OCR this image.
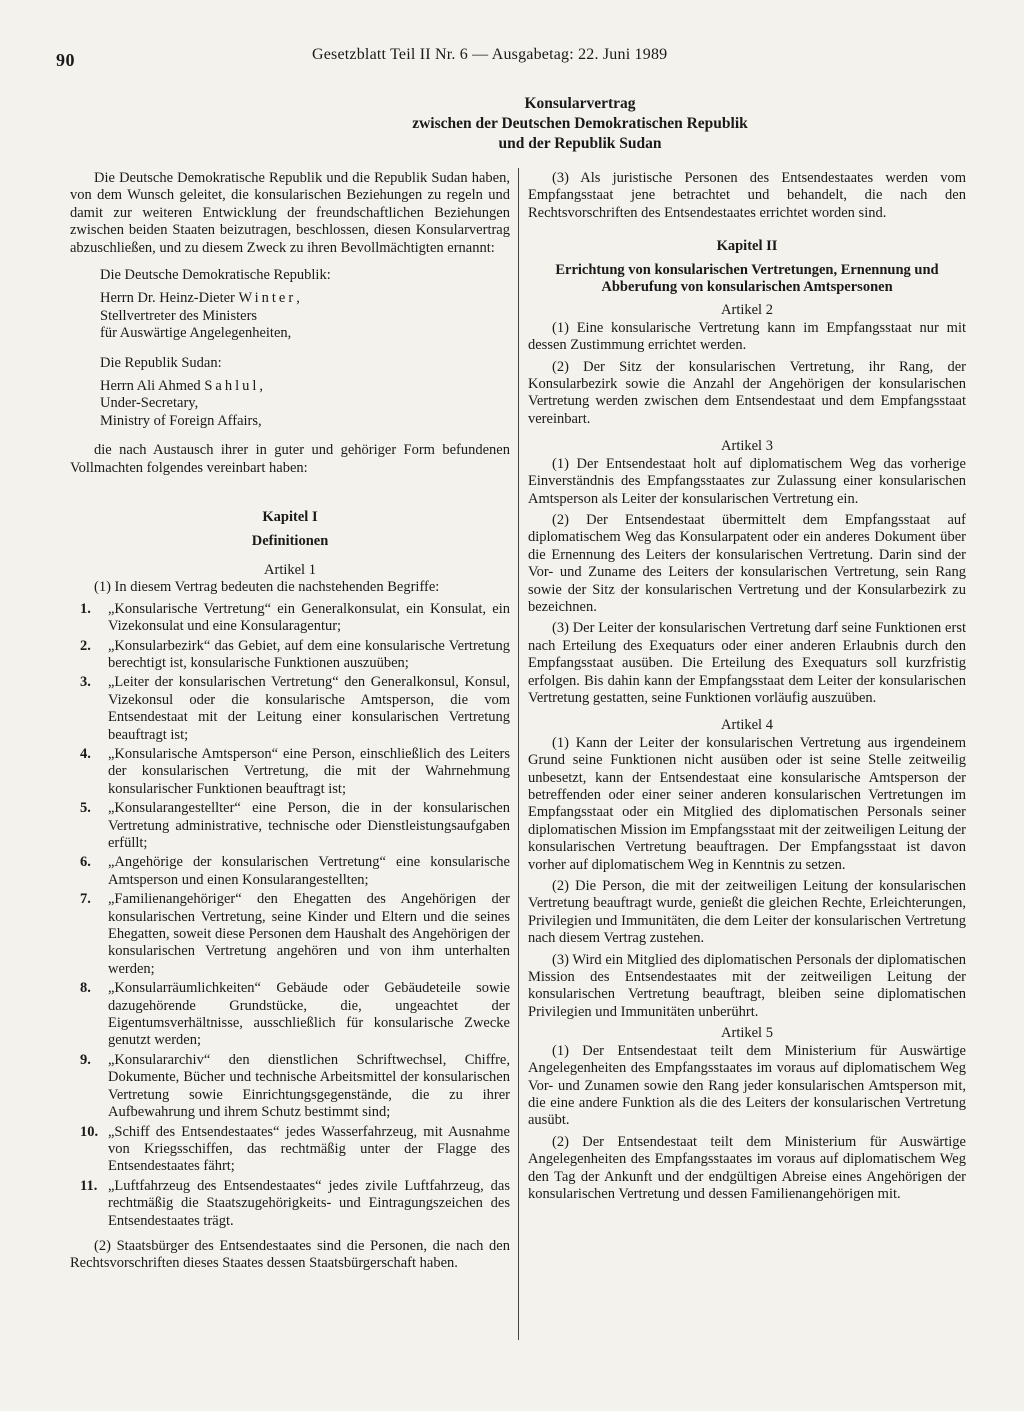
90	Gesetzblatt Teil II Nr. 6 — Ausgabetag: 22. Juni 1989
Konsularvertrag
zwischen der Deutschen Demokratischen Republik
und der Republik Sudan

Die Deutsche Demokratische Republik und die Republik Sudan haben, von dem Wunsch geleitet, die konsularischen Beziehungen zu regeln und damit zur weiteren Entwicklung der freundschaftlichen Beziehungen zwischen beiden Staaten beizutragen, beschlossen, diesen Konsularvertrag abzuschließen, und zu diesem Zweck zu ihren Bevollmächtigten ernannt:

Die Deutsche Demokratische Republik:

Herrn Dr. Heinz-Dieter Winter,

Stellvertreter des Ministers

für Auswärtige Angelegenheiten,

Die Republik Sudan:

Herrn Ali Ahmed Sahlul,

Under-Secretary,

Ministry of Foreign Affairs,

die nach Austausch ihrer in guter und gehöriger Form befundenen Vollmachten folgendes vereinbart haben:

Kapitel I

Definitionen

Artikel 1

(1) In diesem Vertrag bedeuten die nachstehenden Begriffe:

1.	„Konsularische Vertretung“ ein Generalkonsulat, ein Konsulat, ein Vizekonsulat und eine Konsularagentur;
2.	„Konsularbezirk“ das Gebiet, auf dem eine konsularische Vertretung berechtigt ist, konsularische Funktionen auszuüben;
3.	„Leiter der konsularischen Vertretung“ den Generalkonsul, Konsul, Vizekonsul oder die konsularische Amtsperson, die vom Entsendestaat mit der Leitung einer konsularischen Vertretung beauftragt ist;
4.	„Konsularische Amtsperson“ eine Person, einschließlich des Leiters der konsularischen Vertretung, die mit der Wahrnehmung konsularischer Funktionen beauftragt ist;
5.	„Konsularangestellter“ eine Person, die in der konsularischen Vertretung administrative, technische oder Dienstleistungsaufgaben erfüllt;
6.	„Angehörige der konsularischen Vertretung“ eine konsularische Amtsperson und einen Konsularangestellten;
7.	„Familienangehöriger“ den Ehegatten des Angehörigen der konsularischen Vertretung, seine Kinder und Eltern und die seines Ehegatten, soweit diese Personen dem Haushalt des Angehörigen der konsularischen Vertretung angehören und von ihm unterhalten werden;
8.	„Konsularräumlichkeiten“ Gebäude oder Gebäudeteile sowie dazugehörende Grundstücke, die, ungeachtet der Eigentumsverhältnisse, ausschließlich für konsularische Zwecke genutzt werden;
9.	„Konsulararchiv“ den dienstlichen Schriftwechsel, Chiffre, Dokumente, Bücher und technische Arbeitsmittel der konsularischen Vertretung sowie Einrichtungsgegenstände, die zu ihrer Aufbewahrung und ihrem Schutz bestimmt sind;
10. „Schiff des Entsendestaates“ jedes Wasserfahrzeug, mit Ausnahme von Kriegsschiffen, das rechtmäßig unter der Flagge des Entsendestaates fährt;
11. „Luftfahrzeug des Entsendestaates“ jedes zivile Luftfahrzeug, das rechtmäßig die Staatszugehörigkeits- und Eintragungszeichen des Entsendestaates trägt.

(2) Staatsbürger des Entsendestaates sind die Personen, die nach den Rechtsvorschriften dieses Staates dessen Staatsbürgerschaft haben.

(3) Als juristische Personen des Entsendestaates werden vom Empfangsstaat jene betrachtet und behandelt, die nach den Rechtsvorschriften des Entsendestaates errichtet worden sind.

Kapitel II

Errichtung von konsularischen Vertretungen, Ernennung und Abberufung von konsularischen Amtspersonen

Artikel 2

(1) Eine konsularische Vertretung kann im Empfangsstaat nur mit dessen Zustimmung errichtet werden.

(2) Der Sitz der konsularischen Vertretung, ihr Rang, der Konsularbezirk sowie die Anzahl der Angehörigen der konsularischen Vertretung werden zwischen dem Entsendestaat und dem Empfangsstaat vereinbart.

Artikel 3

(1) Der Entsendestaat holt auf diplomatischem Weg das vorherige Einverständnis des Empfangsstaates zur Zulassung einer konsularischen Amtsperson als Leiter der konsularischen Vertretung ein.

(2) Der Entsendestaat übermittelt dem Empfangsstaat auf diplomatischem Weg das Konsularpatent oder ein anderes Dokument über die Ernennung des Leiters der konsularischen Vertretung. Darin sind der Vor- und Zuname des Leiters der konsularischen Vertretung, sein Rang sowie der Sitz der konsularischen Vertretung und der Konsularbezirk zu bezeichnen.

(3) Der Leiter der konsularischen Vertretung darf seine Funktionen erst nach Erteilung des Exequaturs oder einer anderen Erlaubnis durch den Empfangsstaat ausüben. Die Erteilung des Exequaturs soll kurzfristig erfolgen. Bis dahin kann der Empfangsstaat dem Leiter der konsularischen Vertretung gestatten, seine Funktionen vorläufig auszuüben.

Artikel 4

(1) Kann der Leiter der konsularischen Vertretung aus irgendeinem Grund seine Funktionen nicht ausüben oder ist seine Stelle zeitweilig unbesetzt, kann der Entsendestaat eine konsularische Amtsperson der betreffenden oder einer seiner anderen konsularischen Vertretungen im Empfangsstaat oder ein Mitglied des diplomatischen Personals seiner diplomatischen Mission im Empfangsstaat mit der zeitweiligen Leitung der konsularischen Vertretung beauftragen. Der Empfangsstaat ist davon vorher auf diplomatischem Weg in Kenntnis zu setzen.

(2) Die Person, die mit der zeitweiligen Leitung der konsularischen Vertretung beauftragt wurde, genießt die gleichen Rechte, Erleichterungen, Privilegien und Immunitäten, die dem Leiter der konsularischen Vertretung nach diesem Vertrag zustehen.

(3) Wird ein Mitglied des diplomatischen Personals der diplomatischen Mission des Entsendestaates mit der zeitweiligen Leitung der konsularischen Vertretung beauftragt, bleiben seine diplomatischen Privilegien und Immunitäten unberührt.

Artikel 5

(1) Der Entsendestaat teilt dem Ministerium für Auswärtige Angelegenheiten des Empfangsstaates im voraus auf diplomatischem Weg Vor- und Zunamen sowie den Rang jeder konsularischen Amtsperson mit, die eine andere Funktion als die des Leiters der konsularischen Vertretung ausübt.

(2) Der Entsendestaat teilt dem Ministerium für Auswärtige Angelegenheiten des Empfangsstaates im voraus auf diplomatischem Weg den Tag der Ankunft und der endgültigen Abreise eines Angehörigen der konsularischen Vertretung und dessen Familienangehörigen mit.
